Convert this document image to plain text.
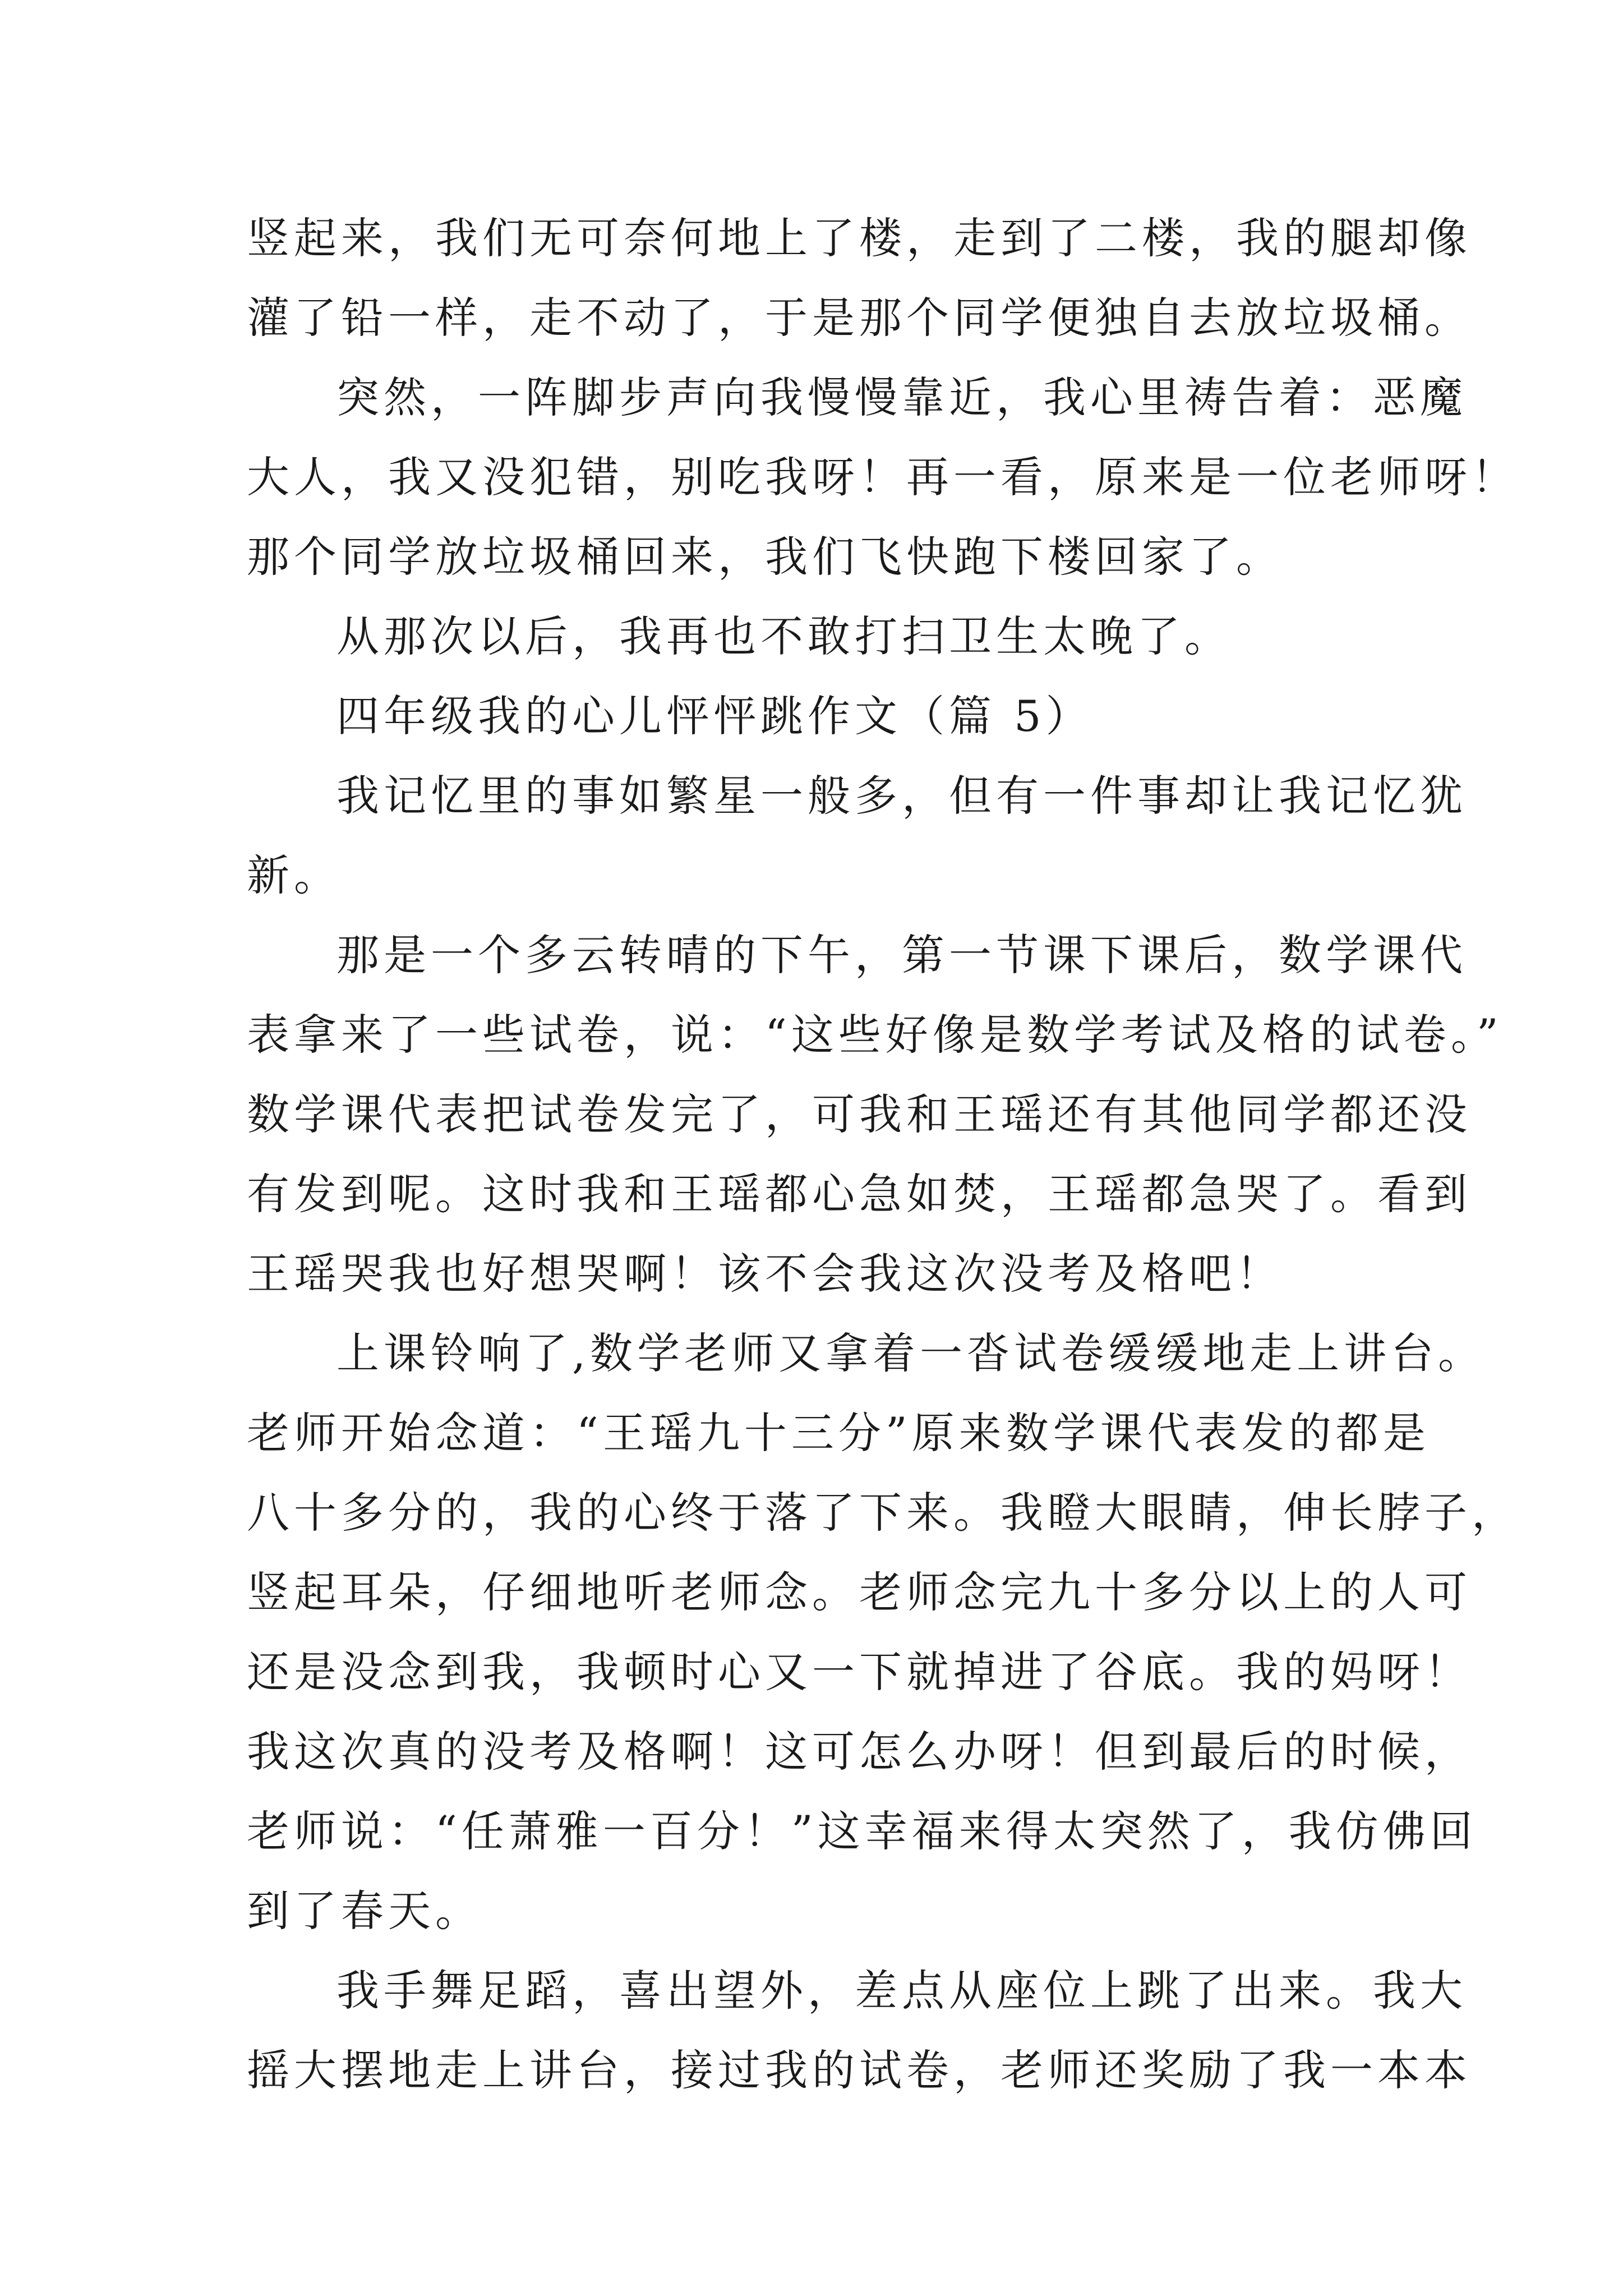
竖起来，我们无可奈何地上了楼，走到了二楼，我的腿却像
灌了铅一样，走不动了，于是那个同学便独自去放垃圾桶。
突然，一阵脚步声向我慢慢靠近，我心里祷告着：恶魔
大人，我又没犯错，别吃我呀！再一看，原来是一位老师呀！
那个同学放垃圾桶回来，我们飞快跑下楼回家了。
从那次以后，我再也不敢打扫卫生太晚了。
四年级我的心儿怦怦跳作文（篇 5）
我记忆里的事如繁星一般多，但有一件事却让我记忆犹
新。
那是一个多云转晴的下午，第一节课下课后，数学课代
表拿来了一些试卷，说：“这些好像是数学考试及格的试卷。”
数学课代表把试卷发完了，可我和王瑶还有其他同学都还没
有发到呢。这时我和王瑶都心急如焚，王瑶都急哭了。看到
王瑶哭我也好想哭啊！该不会我这次没考及格吧！
上课铃响了,数学老师又拿着一沓试卷缓缓地走上讲台。
老师开始念道：“王瑶九十三分”原来数学课代表发的都是
八十多分的，我的心终于落了下来。我瞪大眼睛，伸长脖子，
竖起耳朵，仔细地听老师念。老师念完九十多分以上的人可
还是没念到我，我顿时心又一下就掉进了谷底。我的妈呀！
我这次真的没考及格啊！这可怎么办呀！但到最后的时候，
老师说：“任萧雅一百分！”这幸福来得太突然了，我仿佛回
到了春天。
我手舞足蹈，喜出望外，差点从座位上跳了出来。我大
摇大摆地走上讲台，接过我的试卷，老师还奖励了我一本本
